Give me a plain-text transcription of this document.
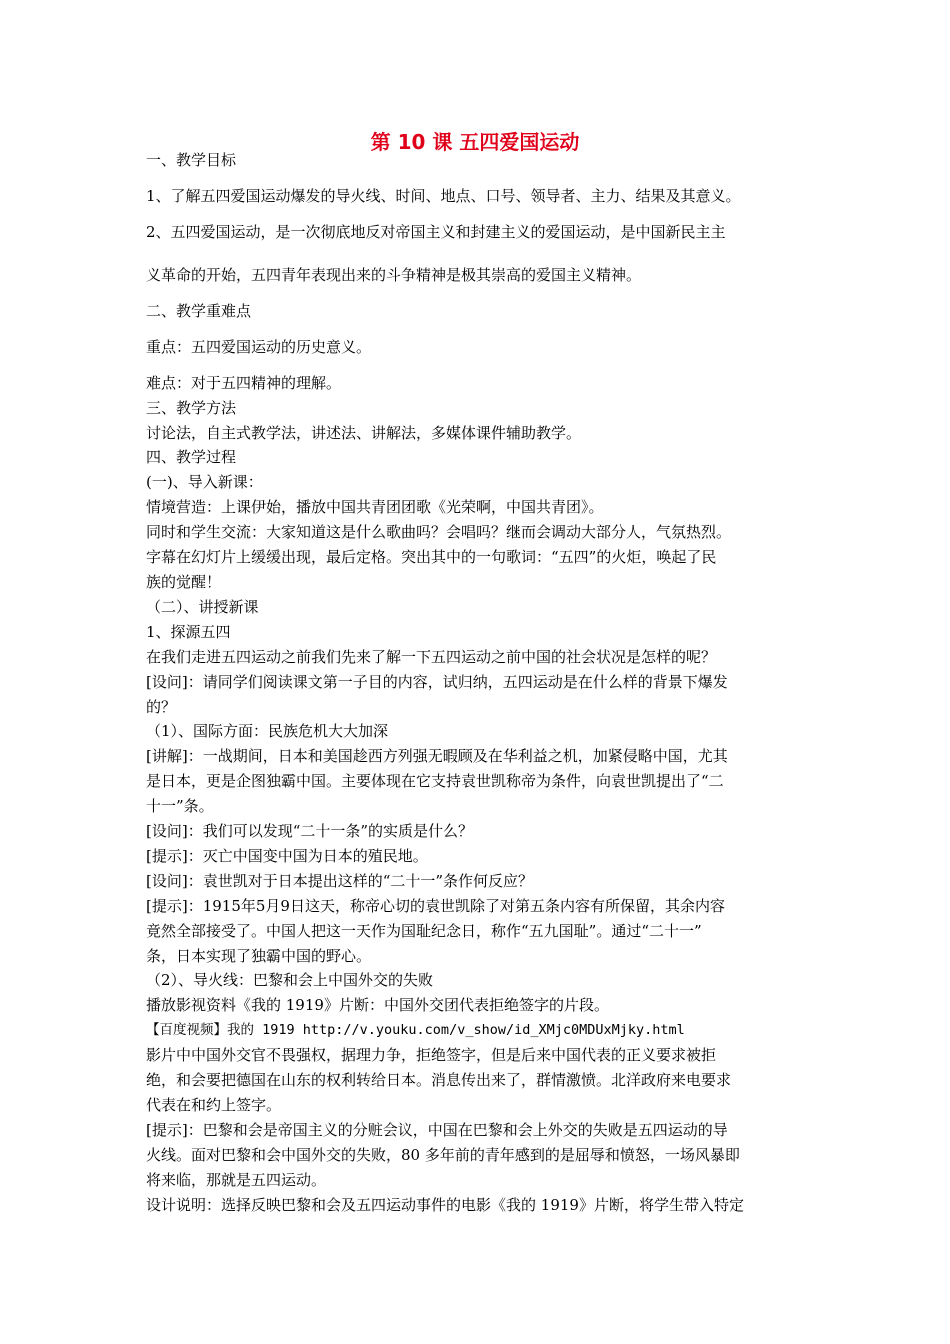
第 10 课 五四爱国运动
一、教学目标
1、了解五四爱国运动爆发的导火线、时间、地点、口号、领导者、主力、结果及其意义。
2、五四爱国运动，是一次彻底地反对帝国主义和封建主义的爱国运动，是中国新民主主
义革命的开始，五四青年表现出来的斗争精神是极其崇高的爱国主义精神。
二、教学重难点
重点：五四爱国运动的历史意义。
难点：对于五四精神的理解。
三、教学方法
讨论法，自主式教学法，讲述法、讲解法，多媒体课件辅助教学。
四、教学过程
(一)、导入新课：
情境营造：上课伊始，播放中国共青团团歌《光荣啊，中国共青团》。
同时和学生交流：大家知道这是什么歌曲吗？会唱吗？继而会调动大部分人，气氛热烈。
字幕在幻灯片上缓缓出现，最后定格。突出其中的一句歌词：“五四”的火炬，唤起了民
族的觉醒！
（二）、讲授新课
1、探源五四
在我们走进五四运动之前我们先来了解一下五四运动之前中国的社会状况是怎样的呢？
[设问]：请同学们阅读课文第一子目的内容，试归纳，五四运动是在什么样的背景下爆发
的？
（1）、国际方面：民族危机大大加深
[讲解]：一战期间，日本和美国趁西方列强无暇顾及在华利益之机，加紧侵略中国，尤其
是日本，更是企图独霸中国。主要体现在它支持袁世凯称帝为条件，向袁世凯提出了“二
十一”条。
[设问]：我们可以发现“二十一条”的实质是什么？
[提示]：灭亡中国变中国为日本的殖民地。
[设问]：袁世凯对于日本提出这样的“二十一”条作何反应？
[提示]：1915年5月9日这天，称帝心切的袁世凯除了对第五条内容有所保留，其余内容
竟然全部接受了。中国人把这一天作为国耻纪念日，称作“五九国耻”。通过“二十一”
条，日本实现了独霸中国的野心。
（2）、导火线：巴黎和会上中国外交的失败
播放影视资料《我的 1919》片断：中国外交团代表拒绝签字的片段。
【百度视频】我的 1919 http://v.youku.com/v_show/id_XMjc0MDUxMjky.html
影片中中国外交官不畏强权，据理力争，拒绝签字，但是后来中国代表的正义要求被拒
绝，和会要把德国在山东的权利转给日本。消息传出来了，群情激愤。北洋政府来电要求
代表在和约上签字。
[提示]：巴黎和会是帝国主义的分赃会议，中国在巴黎和会上外交的失败是五四运动的导
火线。面对巴黎和会中国外交的失败，80 多年前的青年感到的是屈辱和愤怒，一场风暴即
将来临，那就是五四运动。
设计说明：选择反映巴黎和会及五四运动事件的电影《我的 1919》片断，将学生带入特定
